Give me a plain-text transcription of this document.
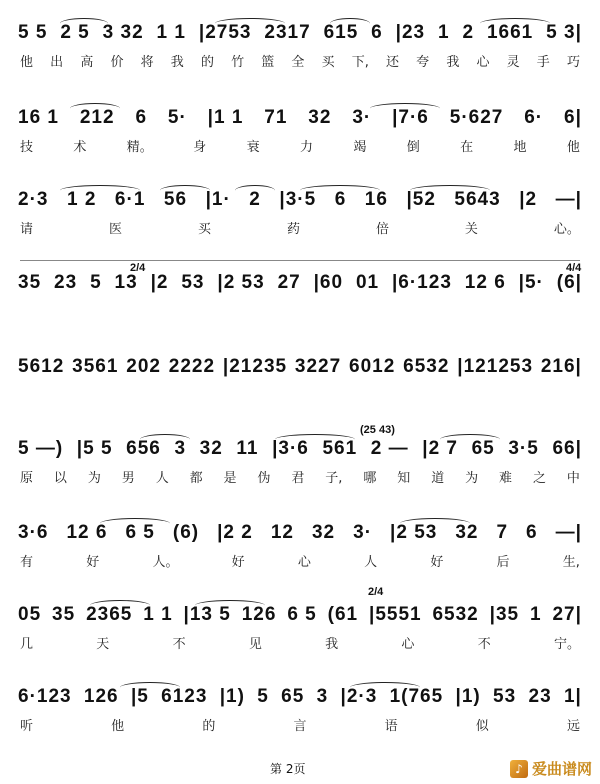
5 5 2 5 3 32 1 1 |2753 2317 615 6 |23 1 2 1661 5 3|
他 出 高 价 将 我 的 竹 篮 全 买 下, 还 夸 我 心 灵 手 巧
16 1 212 6 5· |1 1 71 32 3· |7·6 5·627 6· 6|
技	术	精。	身	衰	力	竭	倒	在	地	他
2·3 1 2 6·1 56 |1· 2 |3·5 6 16 |52 5643 |2 —|
请	医	买	药	倍	关	心。
2/4	4/4
35 23 5 13 |2 53 |2 53 27 |60 01 |6·123 12 6 |5· (6|
5612 3561 202 2222 |21235 3227 6012 6532 |121253 216|
(25 43)
5 —) |5 5 656 3 32 11 |3·6 561 2 — |2 7 65 3·5 66|
原 以 为 男 人 都 是 伪 君 子, 哪 知 道 为 难 之 中
3·6 12 6 6 5 (6) |2 2 12 32 3· |2 53 32 7 6 —|
有	好	人。	好	心	人	好	后	生,
2/4
05 35 2365 1 1 |13 5 126 6 5 (61 |5551 6532 |35 1 27|
几	天	不	见	我	心	不	宁。
6·123 126 |5 6123 |1) 5 65 3 |2·3 1(765 |1) 53 23 1|
听	他	的	言	语	似	远
第 2页	♪ 爱曲谱网
